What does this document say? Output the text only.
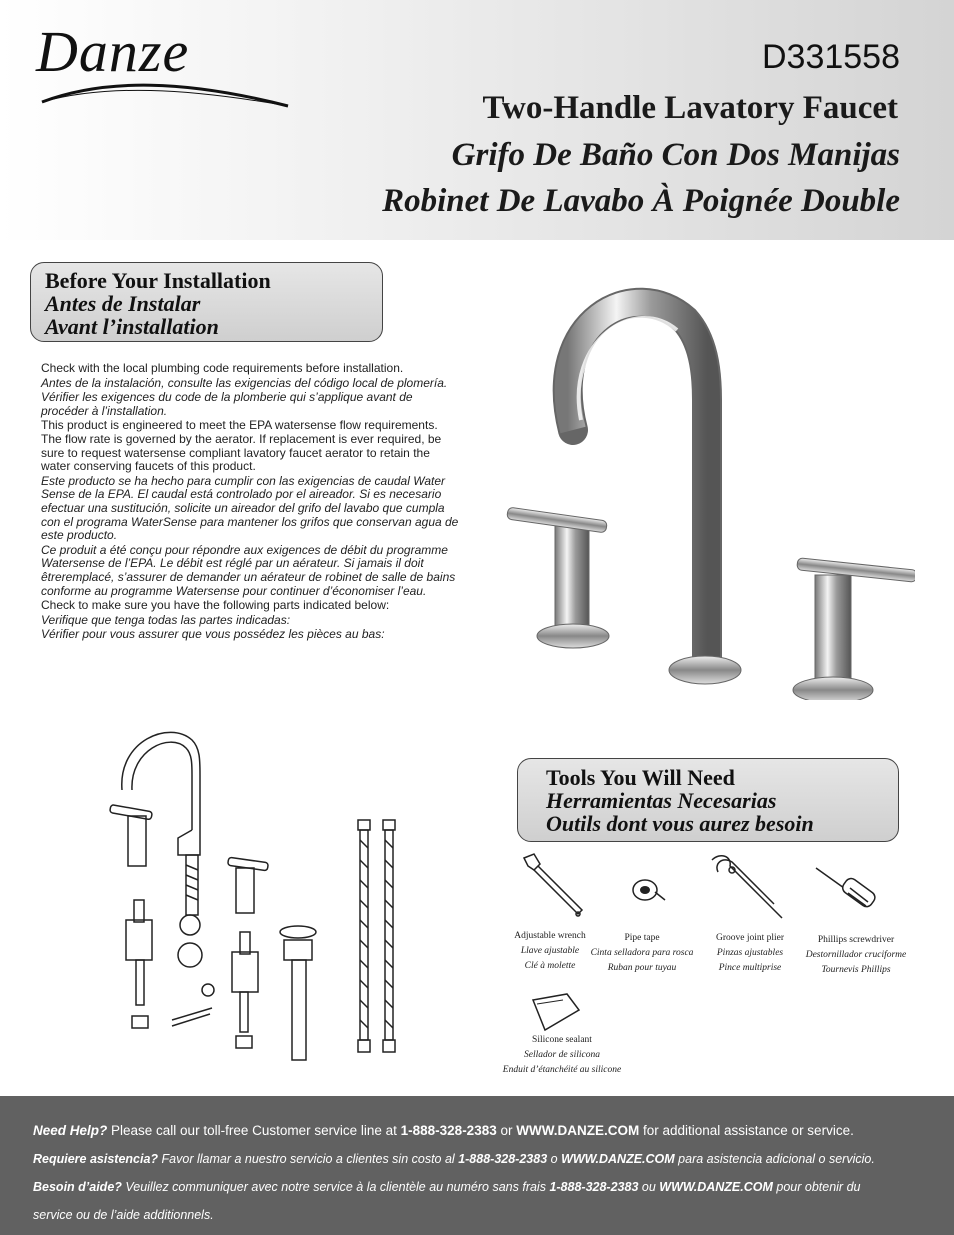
Danze	D331558
Two-Handle Lavatory Faucet
Grifo De Baño Con Dos Manijas
Robinet De Lavabo À Poignée Double
Before Your Installation
Antes de Instalar
Avant l’installation

Check with the local plumbing code requirements before installation.

Antes de la instalación, consulte las exigencias del código local de plomería.

Vérifier les exigences du code de la plomberie qui s’applique avant de procéder à l’installation.

This product is engineered to meet the EPA watersense flow requirements. The flow rate is governed by the aerator. If replacement is ever required, be sure to request watersense compliant lavatory faucet aerator to retain the water conserving faucets of this product.

Este producto se ha hecho para cumplir con las exigencias de caudal Water Sense de la EPA. El caudal está controlado por el aireador. Si es necesario efectuar una sustitución, solicite un aireador del grifo del lavabo que cumpla con el programa WaterSense para mantener los grifos que conservan agua de este producto.

Ce produit a été conçu pour répondre aux exigences de débit du programme Watersense de l’EPA. Le débit est réglé par un aérateur. Si jamais il doit êtreremplacé, s’assurer de demander un aérateur de robinet de salle de bains conforme au programme Watersense pour continuer d’économiser l’eau.

Check to make sure you have the following parts indicated below:

Verifique que tenga todas las partes indicadas:

Vérifier pour vous assurer que vous possédez les pièces au bas:

Tools You Will Need
Herramientas Necesarias
Outils dont vous aurez besoin
Adjustable wrench
Llave ajustable
Clé à molette
Pipe tape
Cinta selladora para rosca
Ruban pour tuyau
Groove joint plier
Pinzas ajustables
Pince multiprise
Phillips screwdriver
Destornillador cruciforme
Tournevis Phillips
Silicone sealant
Sellador de silicona
Enduit d’étanchéité au silicone
Need Help? Please call our toll-free Customer service line at 1-888-328-2383 or WWW.DANZE.COM for additional assistance or service.
Requiere asistencia? Favor llamar a nuestro servicio a clientes sin costo al 1-888-328-2383 o WWW.DANZE.COM para asistencia adicional o servicio.
Besoin d’aide? Veuillez communiquer avec notre service à la clientèle au numéro sans frais 1-888-328-2383 ou WWW.DANZE.COM pour obtenir du
service ou de l’aide additionnels.
